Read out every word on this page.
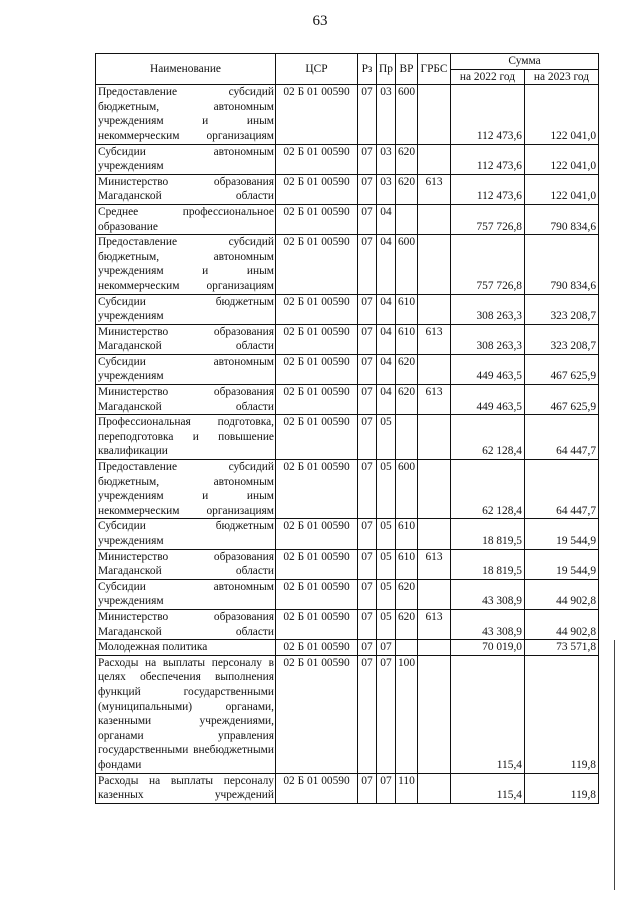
63
Наименование	ЦСР	Рз	Пр	ВР	ГРБС	Сумма	
						на 2022 год	на 2023 год
Предоставление субсидий бюджетным, автономным учреждениям и иным некоммерческим организациям	02 Б 01 00590	07	03	600		112 473,6	122 041,0
Субсидии автономным учреждениям	02 Б 01 00590	07	03	620		112 473,6	122 041,0
Министерство образования Магаданской области	02 Б 01 00590	07	03	620	613	112 473,6	122 041,0
Среднее профессиональное образование	02 Б 01 00590	07	04			757 726,8	790 834,6
Предоставление субсидий бюджетным, автономным учреждениям и иным некоммерческим организациям	02 Б 01 00590	07	04	600		757 726,8	790 834,6
Субсидии бюджетным учреждениям	02 Б 01 00590	07	04	610		308 263,3	323 208,7
Министерство образования Магаданской области	02 Б 01 00590	07	04	610	613	308 263,3	323 208,7
Субсидии автономным учреждениям	02 Б 01 00590	07	04	620		449 463,5	467 625,9
Министерство образования Магаданской области	02 Б 01 00590	07	04	620	613	449 463,5	467 625,9
Профессиональная подготовка, переподготовка и повышение квалификации	02 Б 01 00590	07	05			62 128,4	64 447,7
Предоставление субсидий бюджетным, автономным учреждениям и иным некоммерческим организациям	02 Б 01 00590	07	05	600		62 128,4	64 447,7
Субсидии бюджетным учреждениям	02 Б 01 00590	07	05	610		18 819,5	19 544,9
Министерство образования Магаданской области	02 Б 01 00590	07	05	610	613	18 819,5	19 544,9
Субсидии автономным учреждениям	02 Б 01 00590	07	05	620		43 308,9	44 902,8
Министерство образования Магаданской области	02 Б 01 00590	07	05	620	613	43 308,9	44 902,8
Молодежная политика	02 Б 01 00590	07	07			70 019,0	73 571,8
Расходы на выплаты персоналу в целях обеспечения выполнения функций государственными (муниципальными) органами, казенными учреждениями, органами управления государственными внебюджетными фондами	02 Б 01 00590	07	07	100		115,4	119,8
Расходы на выплаты персоналу казенных учреждений	02 Б 01 00590	07	07	110		115,4	119,8
